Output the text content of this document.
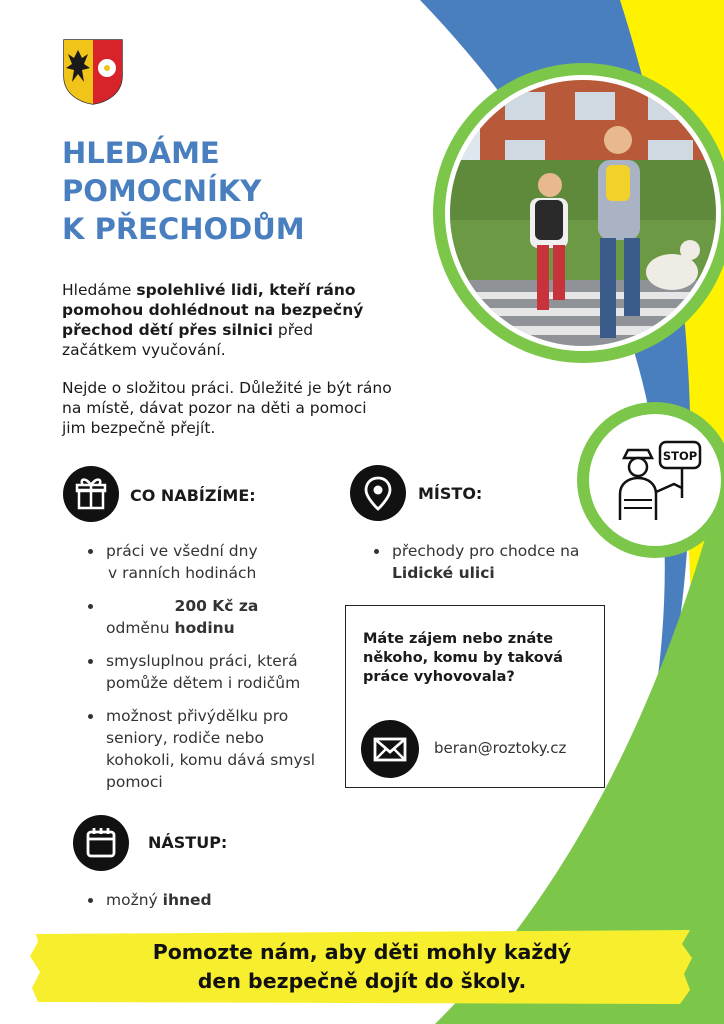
HLEDÁME
POMOCNÍKY
K PŘECHODŮM

Hledáme spolehlivé lidi, kteří ráno pomohou dohlédnout na bezpečný přechod dětí přes silnici před začátkem vyučování.

Nejde o složitou práci. Důležité je být ráno na místě, dávat pozor na děti a pomoci jim bezpečně přejít.

CO NABÍZÍME:
práci ve všední dny
v ranních hodinách
odměnu 200 Kč za hodinu
smysluplnou práci, která pomůže dětem i rodičům
možnost přivýdělku pro seniory, rodiče nebo kohokoli, komu dává smysl pomoci
MÍSTO:
přechody pro chodce na Lidické ulici

Máte zájem nebo znáte někoho, komu by taková práce vyhovovala?

beran@roztoky.cz
NÁSTUP:
možný ihned
STOP

Pomozte nám, aby děti mohly každý
den bezpečně dojít do školy.
